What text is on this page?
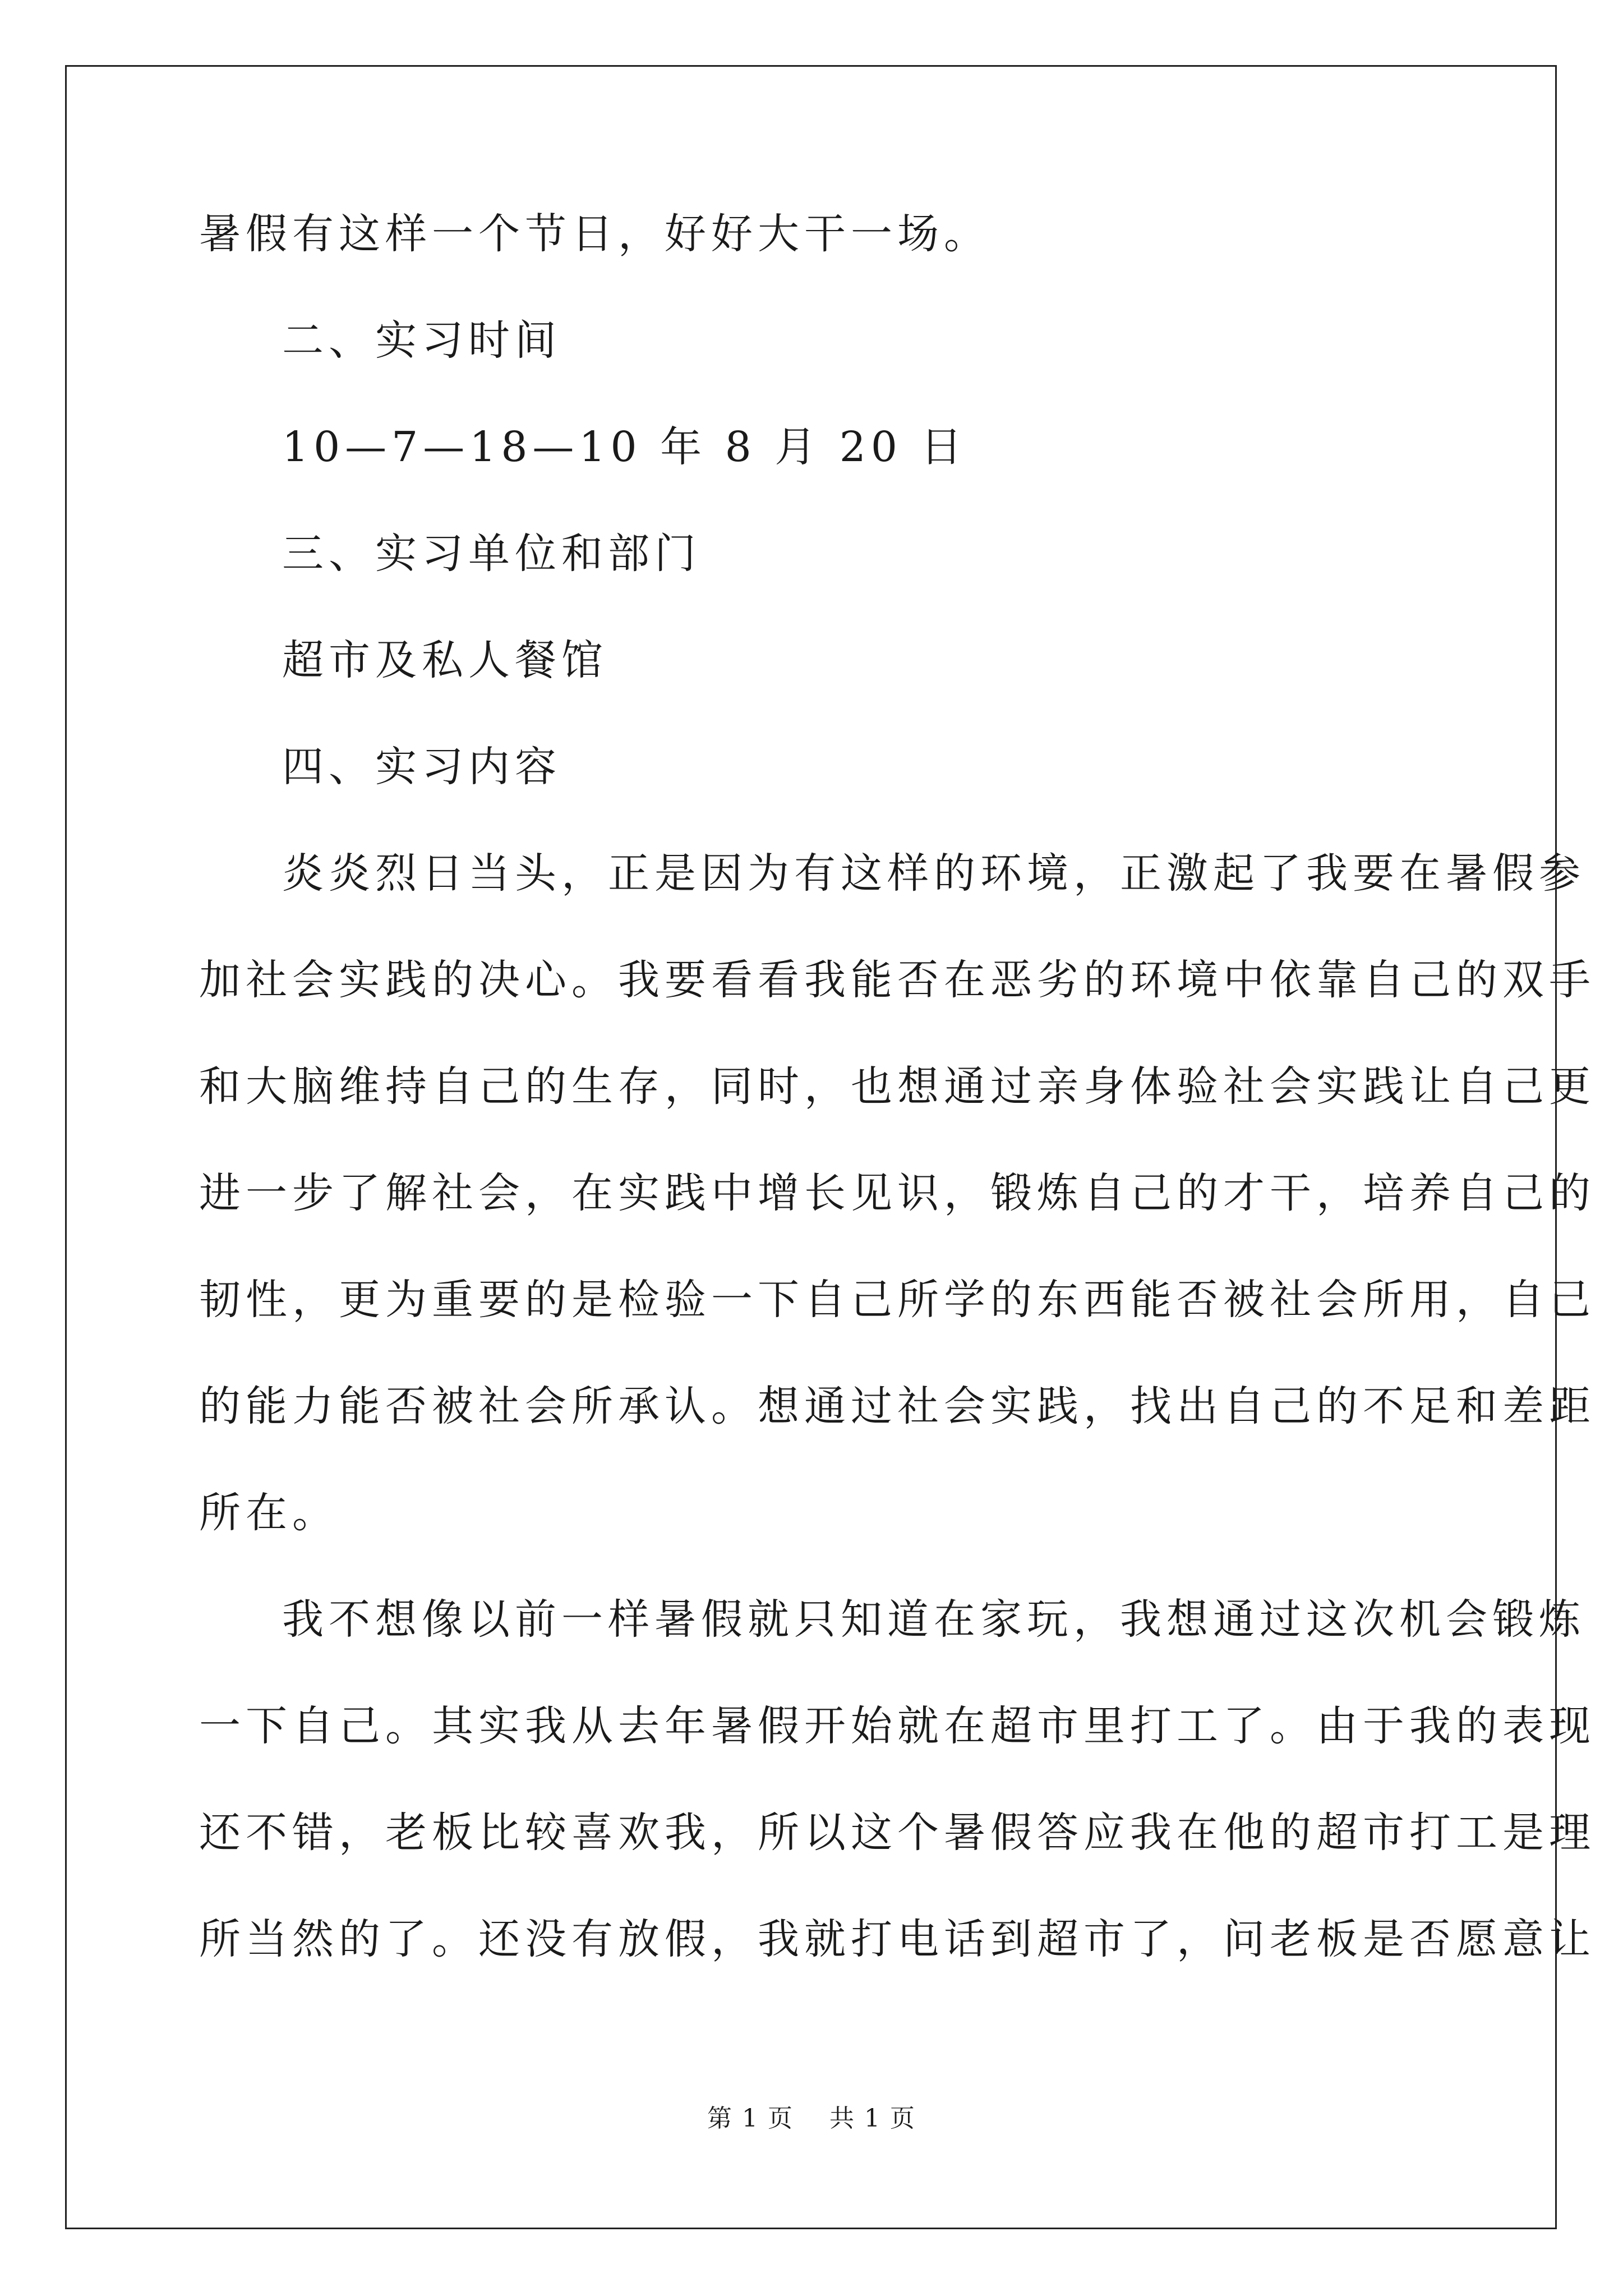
暑假有这样一个节日，好好大干一场。
二、实习时间
10—7—18—10 年 8 月 20 日
三、实习单位和部门
超市及私人餐馆
四、实习内容
炎炎烈日当头，正是因为有这样的环境，正激起了我要在暑假参
加社会实践的决心。我要看看我能否在恶劣的环境中依靠自己的双手
和大脑维持自己的生存，同时，也想通过亲身体验社会实践让自己更
进一步了解社会，在实践中增长见识，锻炼自己的才干，培养自己的
韧性，更为重要的是检验一下自己所学的东西能否被社会所用，自己
的能力能否被社会所承认。想通过社会实践，找出自己的不足和差距
所在。
我不想像以前一样暑假就只知道在家玩，我想通过这次机会锻炼
一下自己。其实我从去年暑假开始就在超市里打工了。由于我的表现
还不错，老板比较喜欢我，所以这个暑假答应我在他的超市打工是理
所当然的了。还没有放假，我就打电话到超市了，问老板是否愿意让
第 1 页    共 1 页
